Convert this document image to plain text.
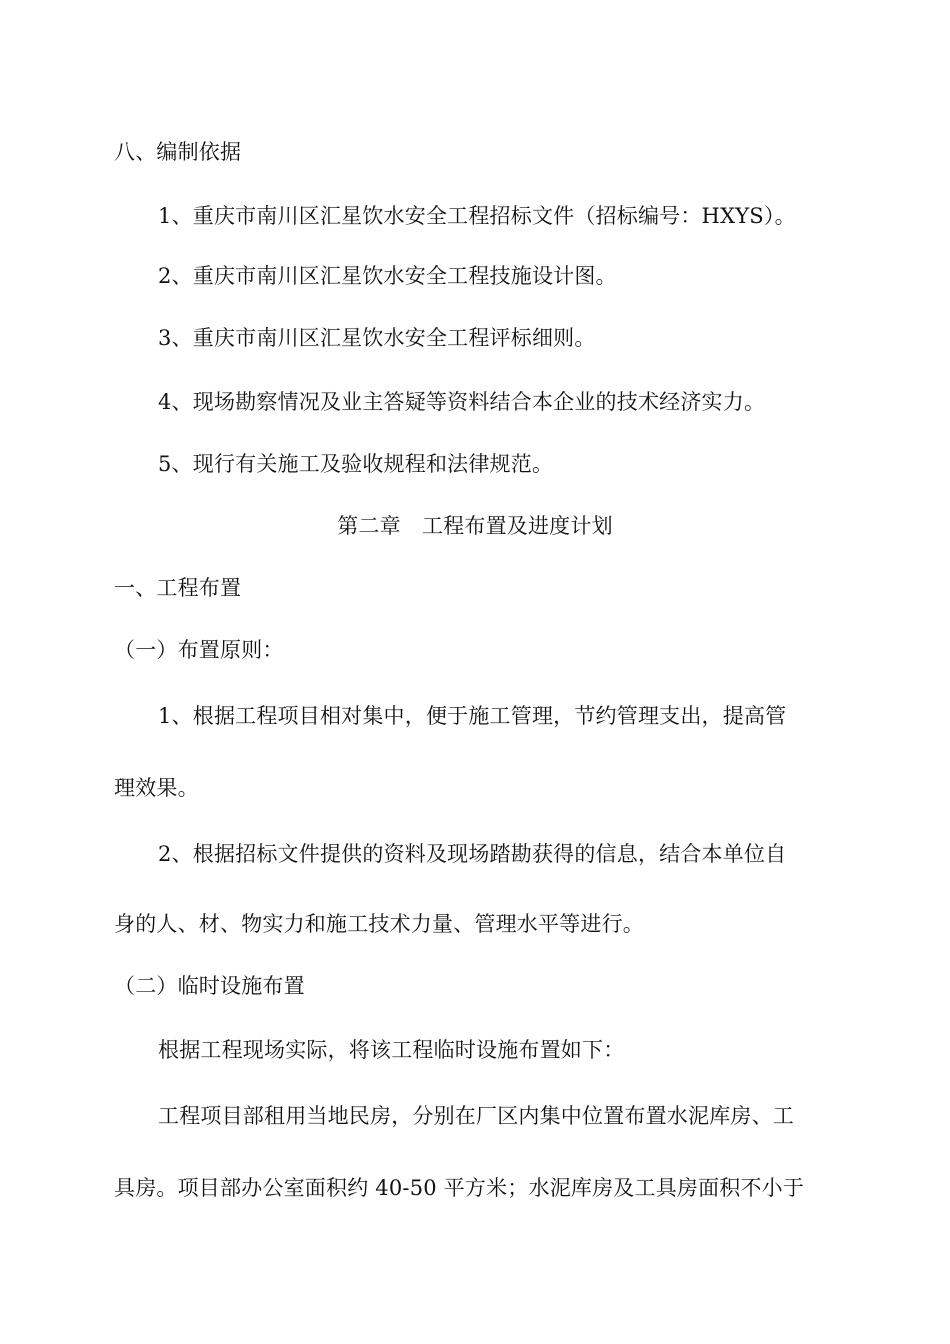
八、编制依据
1、重庆市南川区汇星饮水安全工程招标文件（招标编号：HXYS）。
2、重庆市南川区汇星饮水安全工程技施设计图。
3、重庆市南川区汇星饮水安全工程评标细则。
4、现场勘察情况及业主答疑等资料结合本企业的技术经济实力。
5、现行有关施工及验收规程和法律规范。
第二章　工程布置及进度计划
一、工程布置
（一）布置原则：
1、根据工程项目相对集中，便于施工管理，节约管理支出，提高管
理效果。
2、根据招标文件提供的资料及现场踏勘获得的信息，结合本单位自
身的人、材、物实力和施工技术力量、管理水平等进行。
（二）临时设施布置
根据工程现场实际，将该工程临时设施布置如下：
工程项目部租用当地民房，分别在厂区内集中位置布置水泥库房、工
具房。项目部办公室面积约 40-50 平方米；水泥库房及工具房面积不小于
